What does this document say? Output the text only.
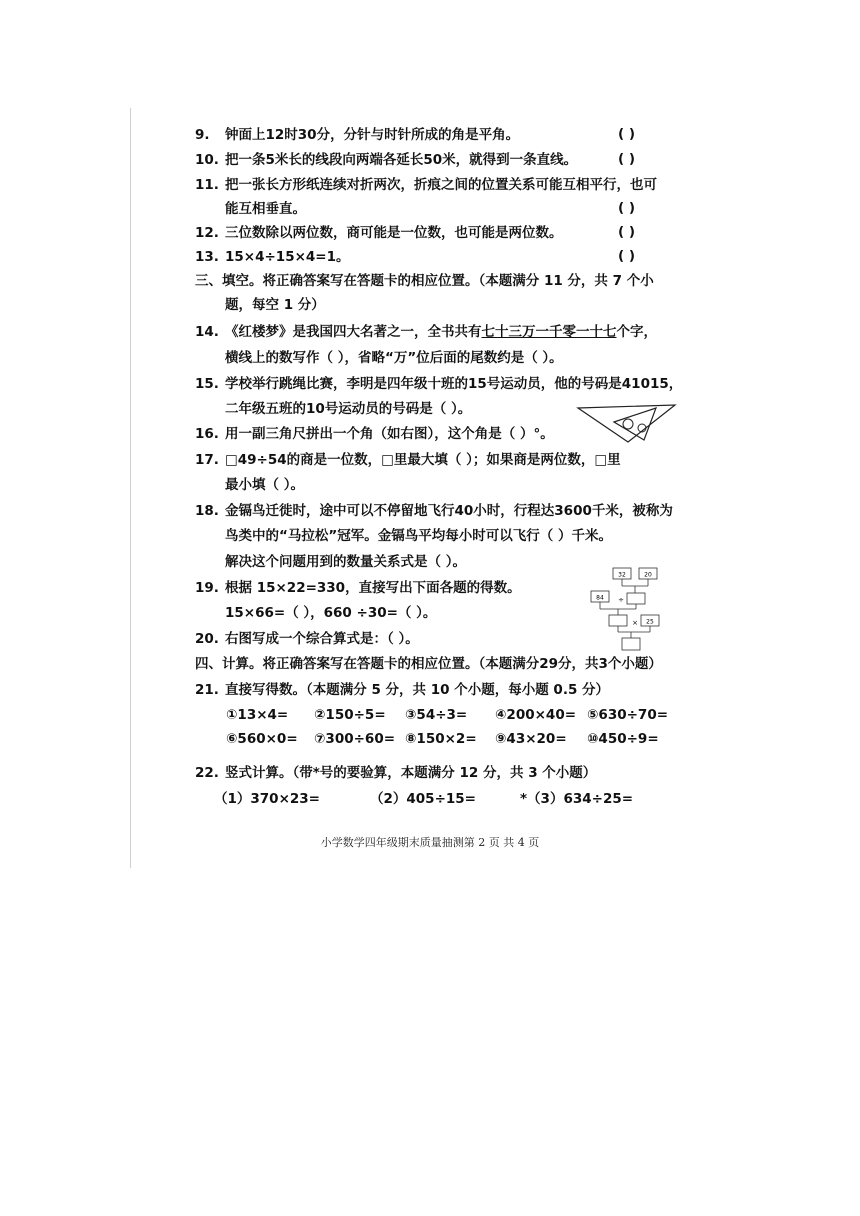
9. 钟面上12时30分，分针与时针所成的角是平角。	( )
10. 把一条5米长的线段向两端各延长50米，就得到一条直线。	( )
11. 把一张长方形纸连续对折两次，折痕之间的位置关系可能互相平行，也可
能互相垂直。	( )
12. 三位数除以两位数，商可能是一位数，也可能是两位数。	( )
13. 15×4÷15×4=1。	( )
三、填空。将正确答案写在答题卡的相应位置。（本题满分 11 分，共 7 个小
题，每空 1 分）
14. 《红楼梦》是我国四大名著之一，全书共有七十三万一千零一十七个字，
横线上的数写作（ ），省略“万”位后面的尾数约是（ ）。
15. 学校举行跳绳比赛，李明是四年级十班的15号运动员，他的号码是41015，
二年级五班的10号运动员的号码是（ ）。
16. 用一副三角尺拼出一个角（如右图），这个角是（ ）°。
17. □49÷54的商是一位数，□里最大填（ ）；如果商是两位数，□里
最小填（ ）。
18. 金镉鸟迁徙时，途中可以不停留地飞行40小时，行程达3600千米，被称为
鸟类中的“马拉松”冠军。金镉鸟平均每小时可以飞行（ ）千米。
解决这个问题用到的数量关系式是（ ）。
19. 根据 15×22=330，直接写出下面各题的得数。
15×66=（ ），660 ÷30=（ ）。
20. 右图写成一个综合算式是：（ ）。
32	20
84 ÷
× 25
四、计算。将正确答案写在答题卡的相应位置。（本题满分29分，共3个小题）
21. 直接写得数。（本题满分 5 分，共 10 个小题，每小题 0.5 分）
①13×4= ②150÷5= ③54÷3= ④200×40= ⑤630÷70=
⑥560×0= ⑦300÷60= ⑧150×2= ⑨43×20= ⑩450÷9=
22. 竖式计算。（带*号的要验算，本题满分 12 分，共 3 个小题）
（1）370×23=	（2）405÷15=	*（3）634÷25=
小学数学四年级期末质量抽测第 2 页 共 4 页
